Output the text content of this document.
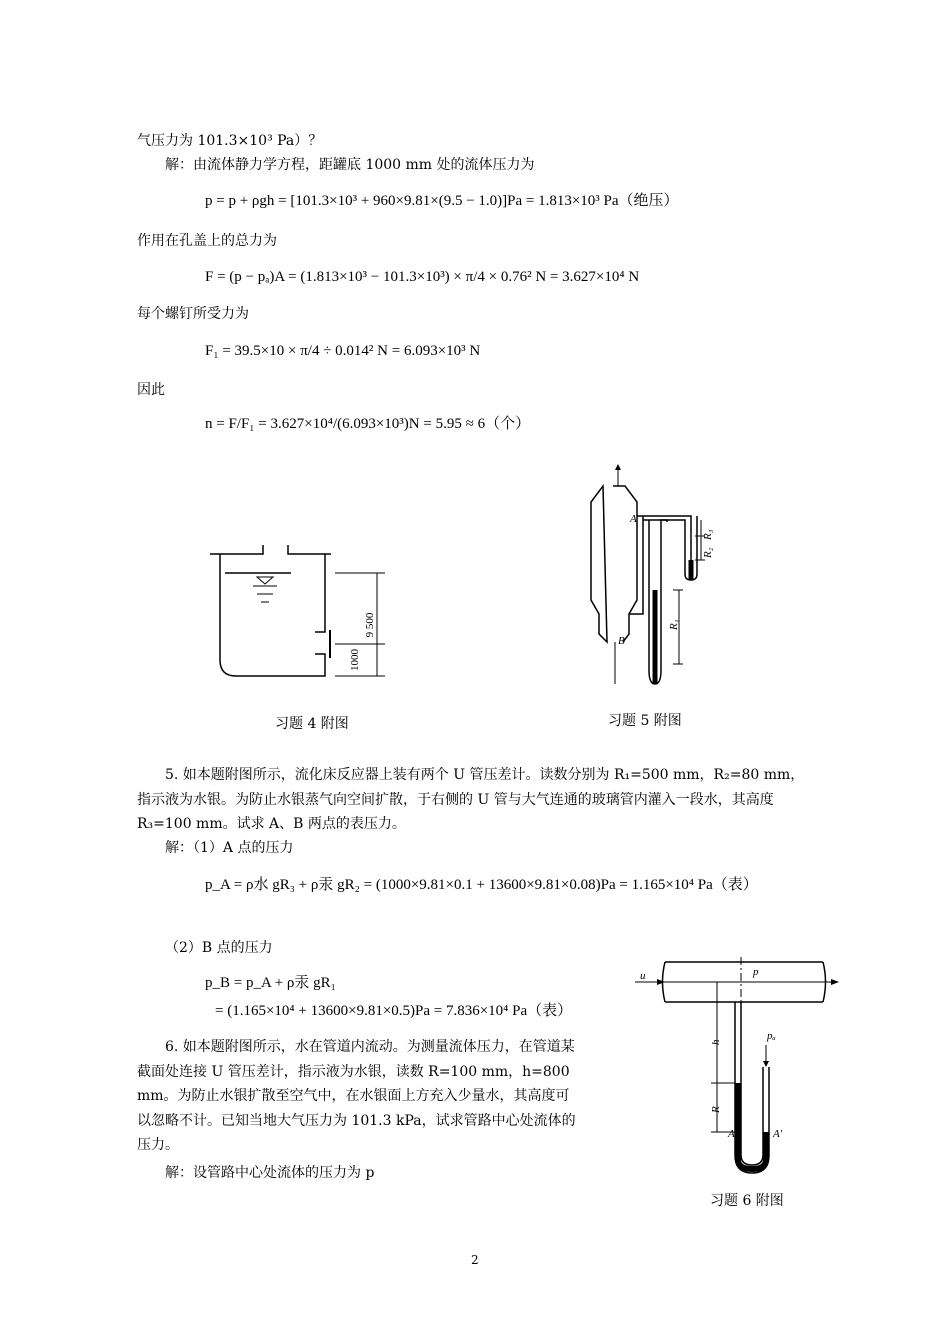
气压力为 101.3×10³ Pa）？
解：由流体静力学方程，距罐底 1000 mm 处的流体压力为
p = p + ρgh = [101.3×10³ + 960×9.81×(9.5 − 1.0)]Pa = 1.813×10³ Pa（绝压）
作用在孔盖上的总力为
F = (p − pₐ)A = (1.813×10³ − 101.3×10³) × π/4 × 0.76² N = 3.627×10⁴ N
每个螺钉所受力为
F₁ = 39.5×10 × π/4 ÷ 0.014² N = 6.093×10³ N
因此
n = F/F₁ = 3.627×10⁴/(6.093×10³)N = 5.95 ≈ 6（个）
9 500
1000
习题 4 附图
A
B
R₁
R₂
R₃
习题 5 附图
5. 如本题附图所示，流化床反应器上装有两个 U 管压差计。读数分别为 R₁=500 mm，R₂=80 mm，指示液为水银。为防止水银蒸气向空间扩散，于右侧的 U 管与大气连通的玻璃管内灌入一段水，其高度 R₃=100 mm。试求 A、B 两点的表压力。
解：（1）A 点的压力
p_A = ρ水 gR₃ + ρ汞 gR₂ = (1000×9.81×0.1 + 13600×9.81×0.08)Pa = 1.165×10⁴ Pa（表）
（2）B 点的压力
p_B = p_A + ρ汞 gR₁
= (1.165×10⁴ + 13600×9.81×0.5)Pa = 7.836×10⁴ Pa（表）
6. 如本题附图所示，水在管道内流动。为测量流体压力，在管道某截面处连接 U 管压差计，指示液为水银，读数 R=100 mm，h=800 mm。为防止水银扩散至空气中，在水银面上方充入少量水，其高度可以忽略不计。已知当地大气压力为 101.3 kPa，试求管路中心处流体的压力。
解：设管路中心处流体的压力为 p
u	p
pₐ
h
R
A	A′
习题 6 附图
2
